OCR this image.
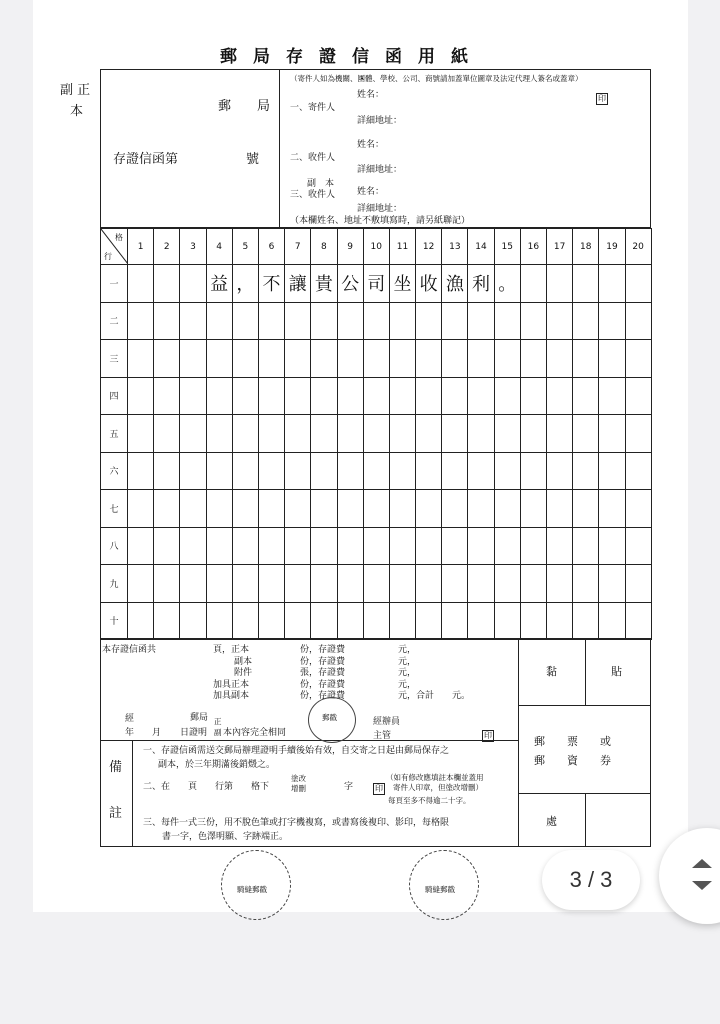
郵局存證信函用紙
副 正
本	郵　　局
存證信函第	號
（寄件人如為機關、團體、學校、公司、商號請加蓋單位圖章及法定代理人簽名或蓋章）
姓名：	印
一、寄件人
詳細地址：
姓名：
二、收件人
詳細地址：
副　本
三、收件人 姓名：
詳細地址：
（本欄姓名、地址不敷填寫時，請另紙聯記）
格
行	1	2	3	4	5	6	7	8	9	10	11	12	13	14	15	16	17	18	19	20
一				益	，	不	讓	貴	公	司	坐	收	漁	利	。					
二																				
三																				
四																				
五																				
六																				
七																				
八																				
九																				
十																				
本存證信函共	頁，正本	份，存證費	元，
副本	份，存證費	元，
附件	張，存證費	元，
加具正本	份，存證費	元，
加具副本	份，存證費	元，合計　　元。
經
年　　月
郵局
日證明
正
副 本內容完全相同
郵戳	經辦員
主管	印
黏	貼
郵　　票　　或
郵　　資　　券
處
備
註
一、存證信函需送交郵局辦理證明手續後始有效，自交寄之日起由郵局保存之
副本，於三年期滿後銷燬之。
二、在　　頁　　行第　　格下
塗改
增刪	字	印
（如有修改應填註本欄並蓋用
寄件人印章，但塗改增刪）
每頁至多不得逾二十字。
三、每件一式三份，用不脫色筆或打字機複寫，或書寫後複印、影印，每格限
書一字，色澤明顯、字跡端正。
騎縫郵戳	騎縫郵戳	3 / 3
